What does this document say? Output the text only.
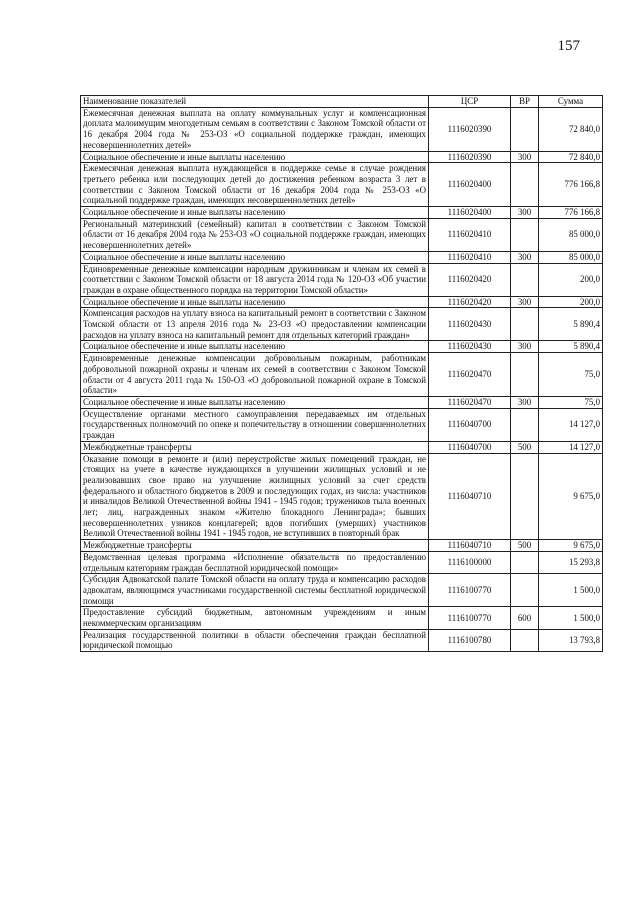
157
Наименование показателей	ЦСР	ВР	Сумма
Ежемесячная денежная выплата на оплату коммунальных услуг и компенсационная доплата малоимущим многодетным семьям в соответствии с Законом Томской области от 16 декабря 2004 года № 253-ОЗ «О социальной поддержке граждан, имеющих несовершеннолетних детей»	1116020390		72 840,0
Социальное обеспечение и иные выплаты населению	1116020390	300	72 840,0
Ежемесячная денежная выплата нуждающейся в поддержке семье в случае рождения третьего ребенка или последующих детей до достижения ребенком возраста 3 лет в соответствии с Законом Томской области от 16 декабря 2004 года № 253-ОЗ «О социальной поддержке граждан, имеющих несовершеннолетних детей»	1116020400		776 166,8
Социальное обеспечение и иные выплаты населению	1116020400	300	776 166,8
Региональный материнский (семейный) капитал в соответствии с Законом Томской области от 16 декабря 2004 года № 253-ОЗ «О социальной поддержке граждан, имеющих несовершеннолетних детей»	1116020410		85 000,0
Социальное обеспечение и иные выплаты населению	1116020410	300	85 000,0
Единовременные денежные компенсации народным дружинникам и членам их семей в соответствии с Законом Томской области от 18 августа 2014 года № 120-ОЗ «Об участии граждан в охране общественного порядка на территории Томской области»	1116020420		200,0
Социальное обеспечение и иные выплаты населению	1116020420	300	200,0
Компенсация расходов на уплату взноса на капитальный ремонт в соответствии с Законом Томской области от 13 апреля 2016 года № 23-ОЗ «О предоставлении компенсации расходов на уплату взноса на капитальный ремонт для отдельных категорий граждан»	1116020430		5 890,4
Социальное обеспечение и иные выплаты населению	1116020430	300	5 890,4
Единовременные денежные компенсации добровольным пожарным, работникам добровольной пожарной охраны и членам их семей в соответствии с Законом Томской области от 4 августа 2011 года № 150-ОЗ «О добровольной пожарной охране в Томской области»	1116020470		75,0
Социальное обеспечение и иные выплаты населению	1116020470	300	75,0
Осуществление органами местного самоуправления передаваемых им отдельных государственных полномочий по опеке и попечительству в отношении совершеннолетних граждан	1116040700		14 127,0
Межбюджетные трансферты	1116040700	500	14 127,0
Оказание помощи в ремонте и (или) переустройстве жилых помещений граждан, не стоящих на учете в качестве нуждающихся в улучшении жилищных условий и не реализовавших свое право на улучшение жилищных условий за счет средств федерального и областного бюджетов в 2009 и последующих годах, из числа: участников и инвалидов Великой Отечественной войны 1941 - 1945 годов; тружеников тыла военных лет; лиц, награжденных знаком «Жителю блокадного Ленинграда»; бывших несовершеннолетних узников концлагерей; вдов погибших (умерших) участников Великой Отечественной войны 1941 - 1945 годов, не вступивших в повторный брак	1116040710		9 675,0
Межбюджетные трансферты	1116040710	500	9 675,0
Ведомственная целевая программа «Исполнение обязательств по предоставлению отдельным категориям граждан бесплатной юридической помощи»	1116100000		15 293,8
Субсидия Адвокатской палате Томской области на оплату труда и компенсацию расходов адвокатам, являющимся участниками государственной системы бесплатной юридической помощи	1116100770		1 500,0
Предоставление субсидий бюджетным, автономным учреждениям и иным некоммерческим организациям	1116100770	600	1 500,0
Реализация государственной политики в области обеспечения граждан бесплатной юридической помощью	1116100780		13 793,8
